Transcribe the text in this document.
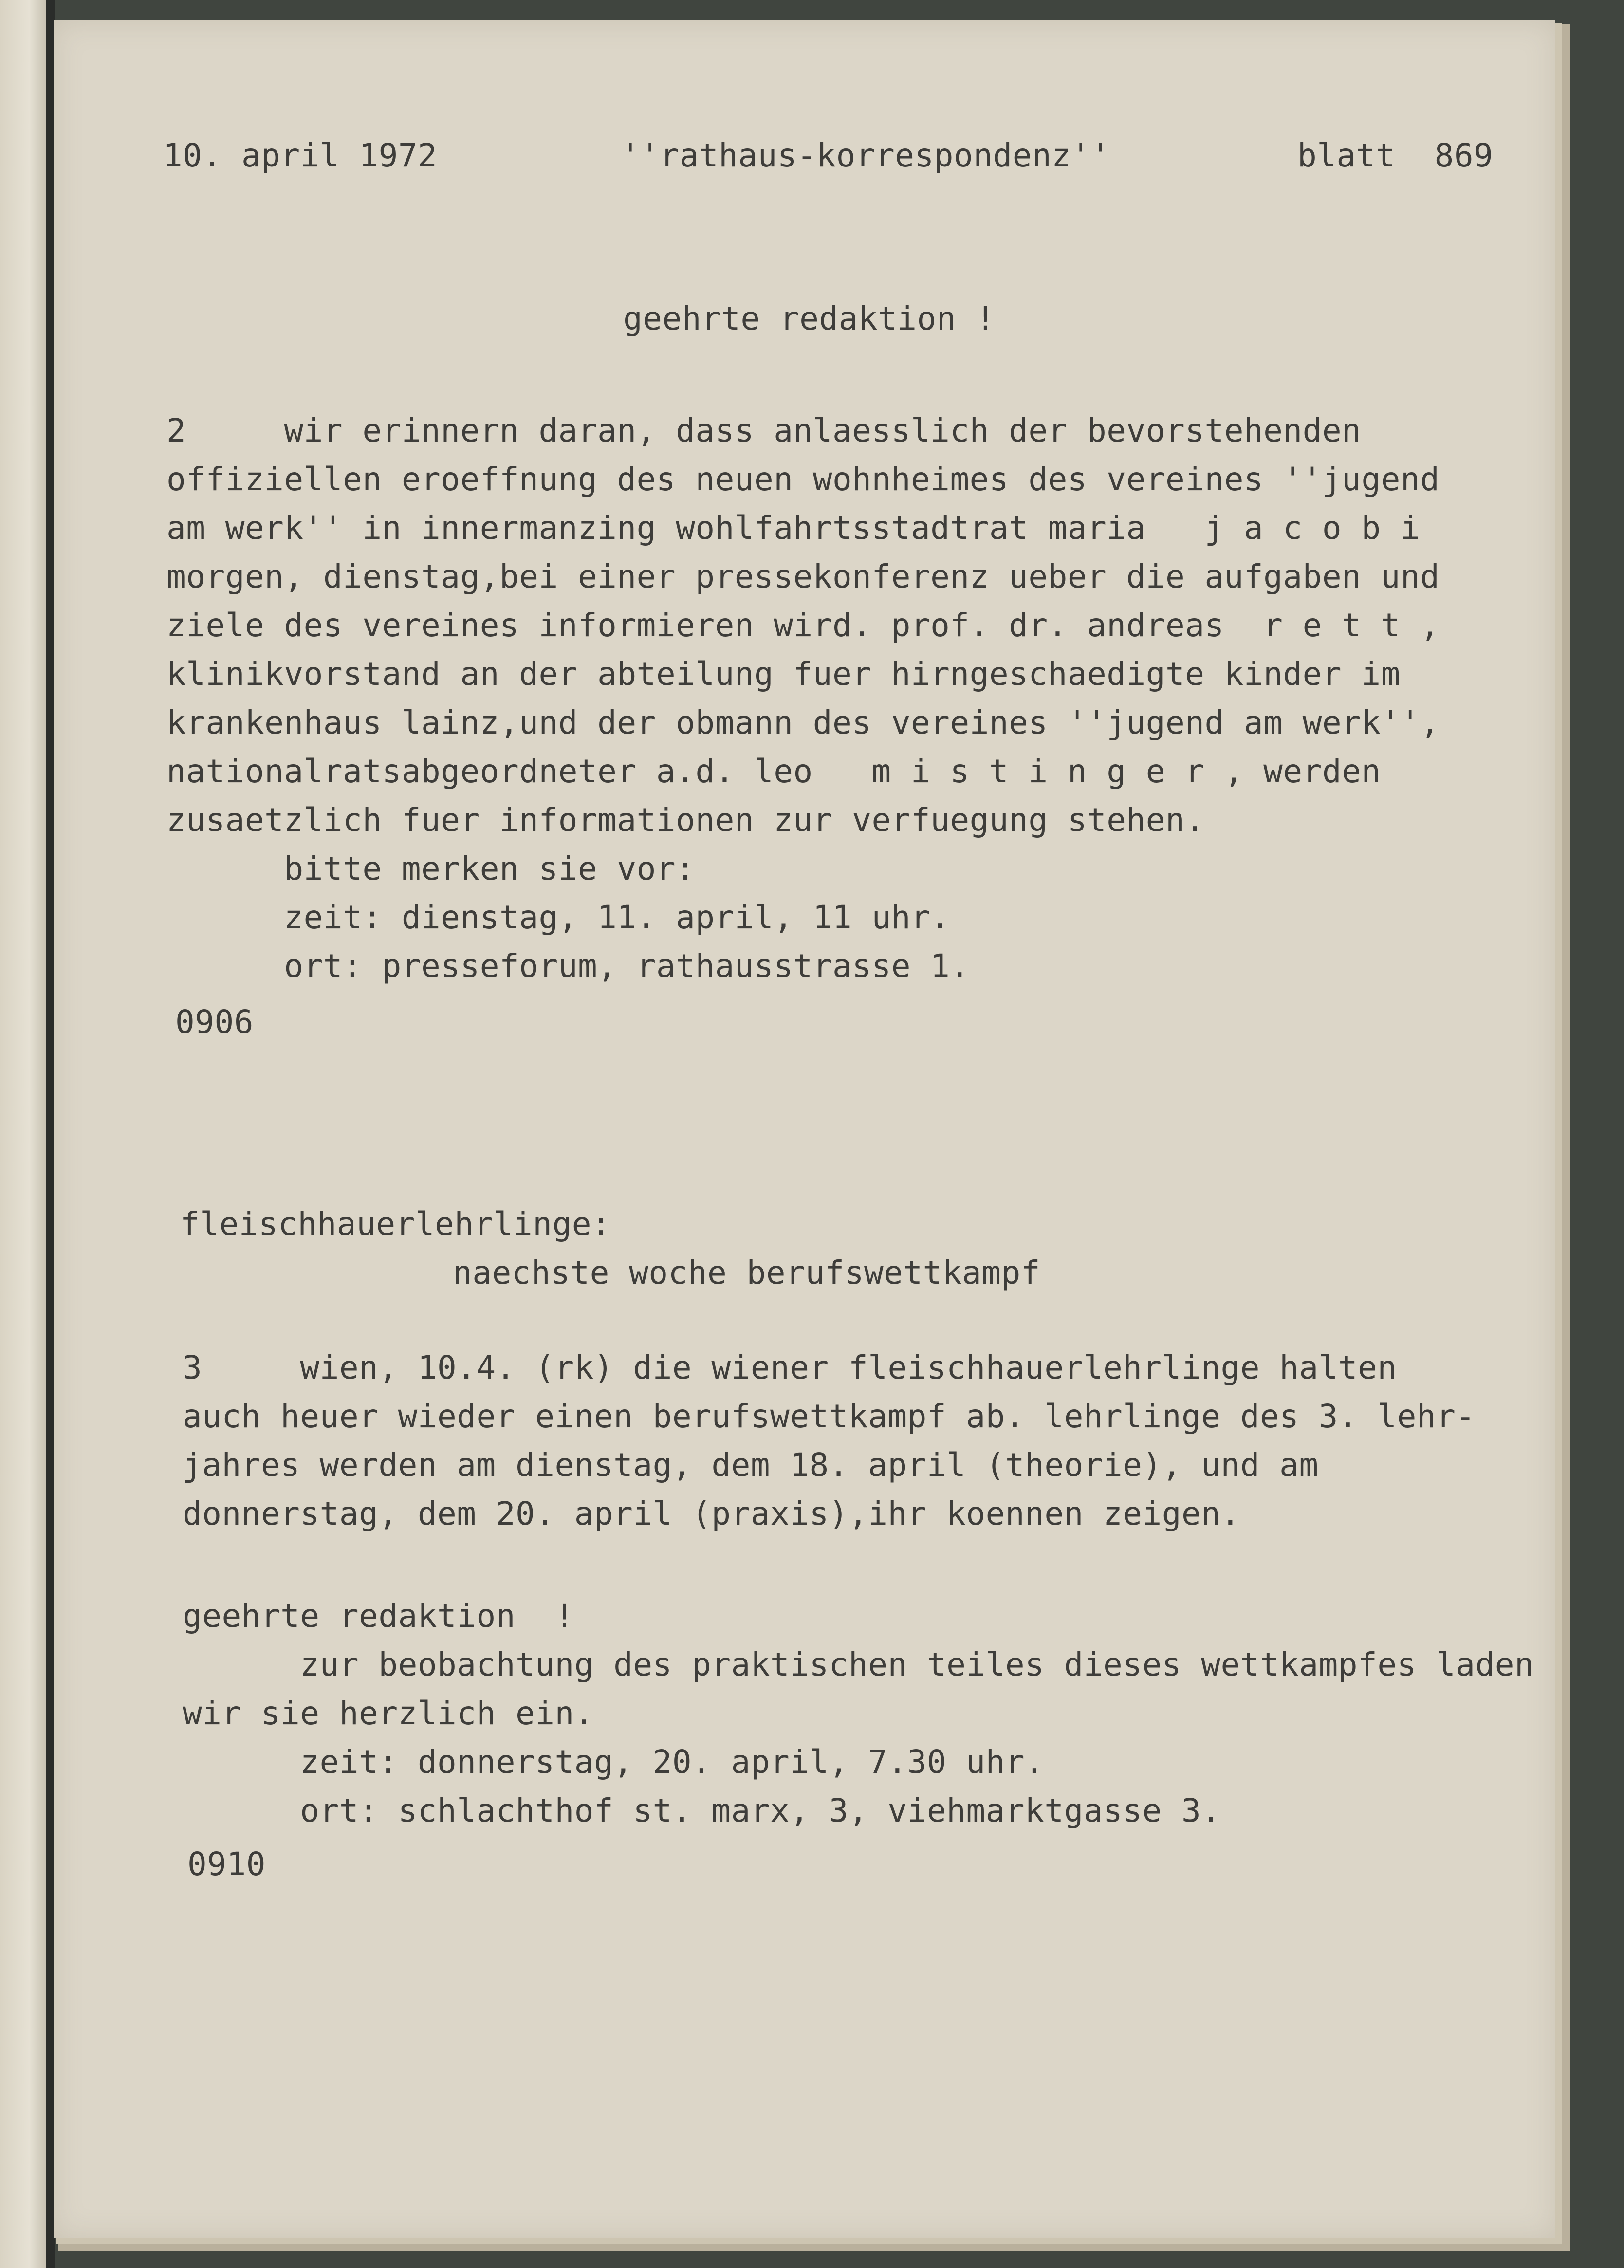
10. april 1972	''rathaus-korrespondenz''	blatt  869
geehrte redaktion !
2     wir erinnern daran, dass anlaesslich der bevorstehenden
offiziellen eroeffnung des neuen wohnheimes des vereines ''jugend
am werk'' in innermanzing wohlfahrtsstadtrat maria   j a c o b i
morgen, dienstag,bei einer pressekonferenz ueber die aufgaben und
ziele des vereines informieren wird. prof. dr. andreas  r e t t ,
klinikvorstand an der abteilung fuer hirngeschaedigte kinder im
krankenhaus lainz,und der obmann des vereines ''jugend am werk'',
nationalratsabgeordneter a.d. leo   m i s t i n g e r , werden
zusaetzlich fuer informationen zur verfuegung stehen.
bitte merken sie vor:
zeit: dienstag, 11. april, 11 uhr.
ort: presseforum, rathausstrasse 1.
0906
fleischhauerlehrlinge:
naechste woche berufswettkampf
3     wien, 10.4. (rk) die wiener fleischhauerlehrlinge halten
auch heuer wieder einen berufswettkampf ab. lehrlinge des 3. lehr-
jahres werden am dienstag, dem 18. april (theorie), und am
donnerstag, dem 20. april (praxis),ihr koennen zeigen.
geehrte redaktion  !
zur beobachtung des praktischen teiles dieses wettkampfes laden
wir sie herzlich ein.
zeit: donnerstag, 20. april, 7.30 uhr.
ort: schlachthof st. marx, 3, viehmarktgasse 3.
0910
